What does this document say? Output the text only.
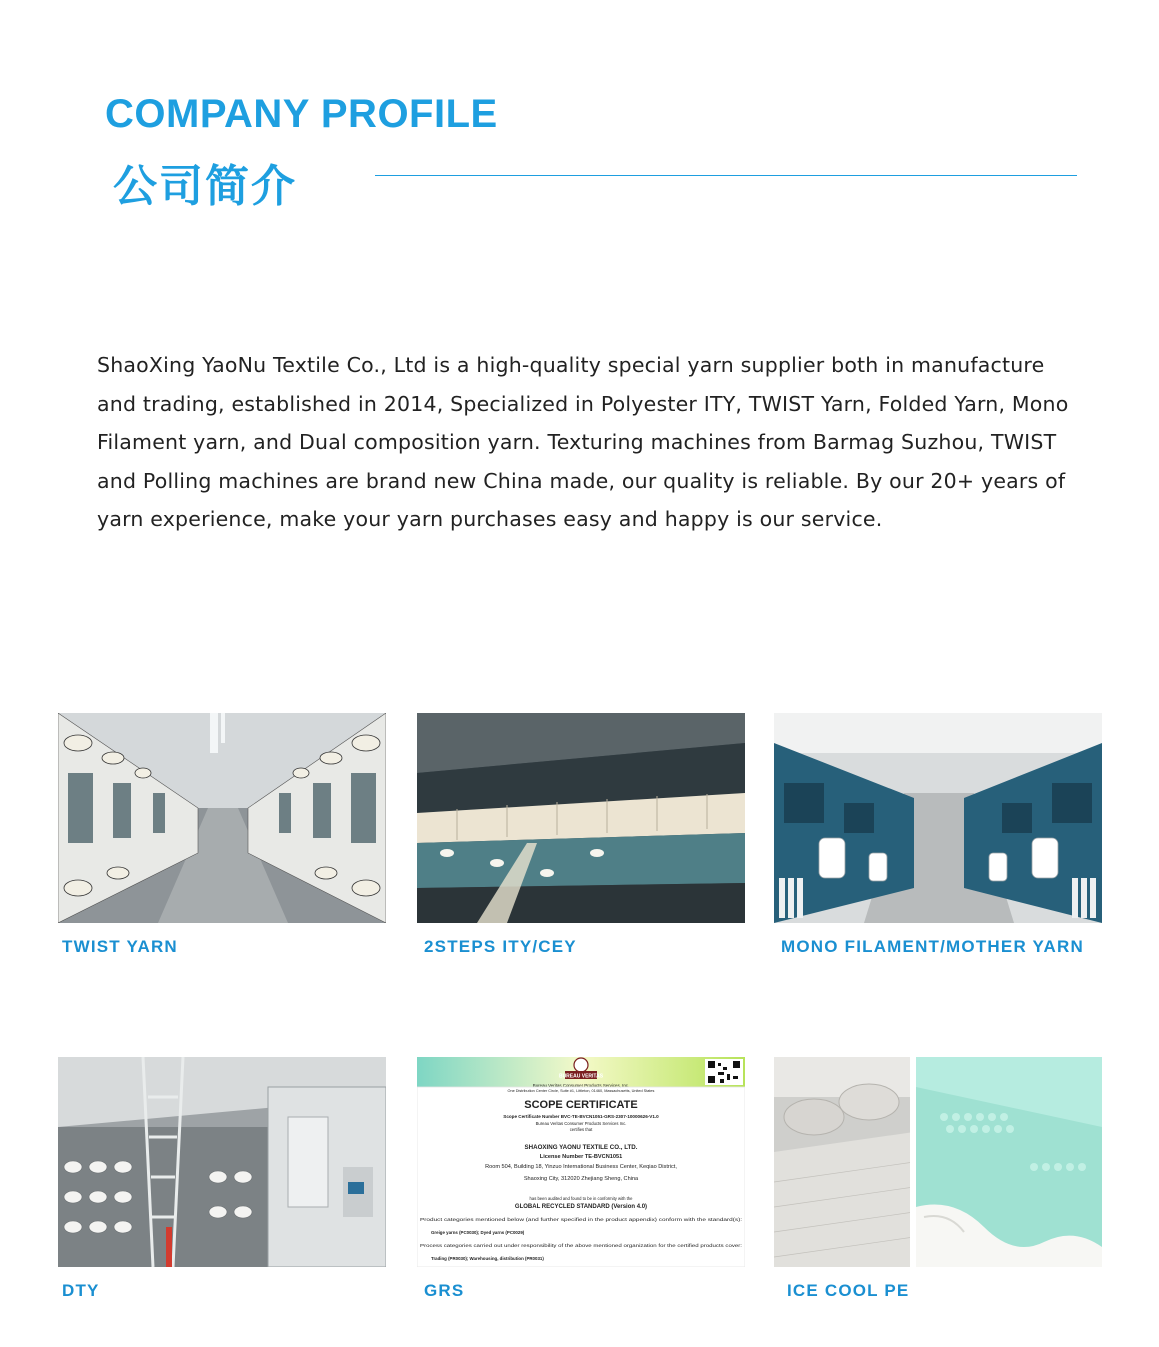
COMPANY PROFILE
公司简介

ShaoXing YaoNu Textile Co., Ltd is a high-quality special yarn supplier both in manufacture and trading, established in 2014, Specialized in Polyester ITY, TWIST Yarn, Folded Yarn, Mono Filament yarn, and Dual composition yarn. Texturing machines from Barmag Suzhou, TWIST and Polling machines are brand new China made, our quality is reliable. By our 20+ years of yarn experience, make your yarn purchases easy and happy is our service.

TWIST YARN	2STEPS ITY/CEY	MONO FILAMENT/MOTHER YARN
DTY
BUREAU VERITAS
Bureau Veritas Consumer Products Services, Inc.
One Distribution Center Circle, Suite #1, Littleton, 01460, Massachusetts, United States
SCOPE CERTIFICATE
Scope Certificate Number BVC-TE-BVCN1051-GRS-2307-10000626-V1.0
Bureau Veritas Consumer Products Services Inc.
certifies that
SHAOXING YAONU TEXTILE CO., LTD.
License Number TE-BVCN1051
Room 504, Building 18, Yinzuo International Business Center, Keqiao District,
Shaoxing City, 312020 Zhejiang Sheng, China
has been audited and found to be in conformity with the
GLOBAL RECYCLED STANDARD (Version 4.0)
Product categories mentioned below (and further specified in the product appendix) conform with the standard(s):
Greige yarns (PC0030); Dyed yarns (PC0029)
Process categories carried out under responsibility of the above mentioned organization for the certified products cover:
Trading (PR0030); Warehousing, distribution (PR0031)
GRS	ICE COOL PE
